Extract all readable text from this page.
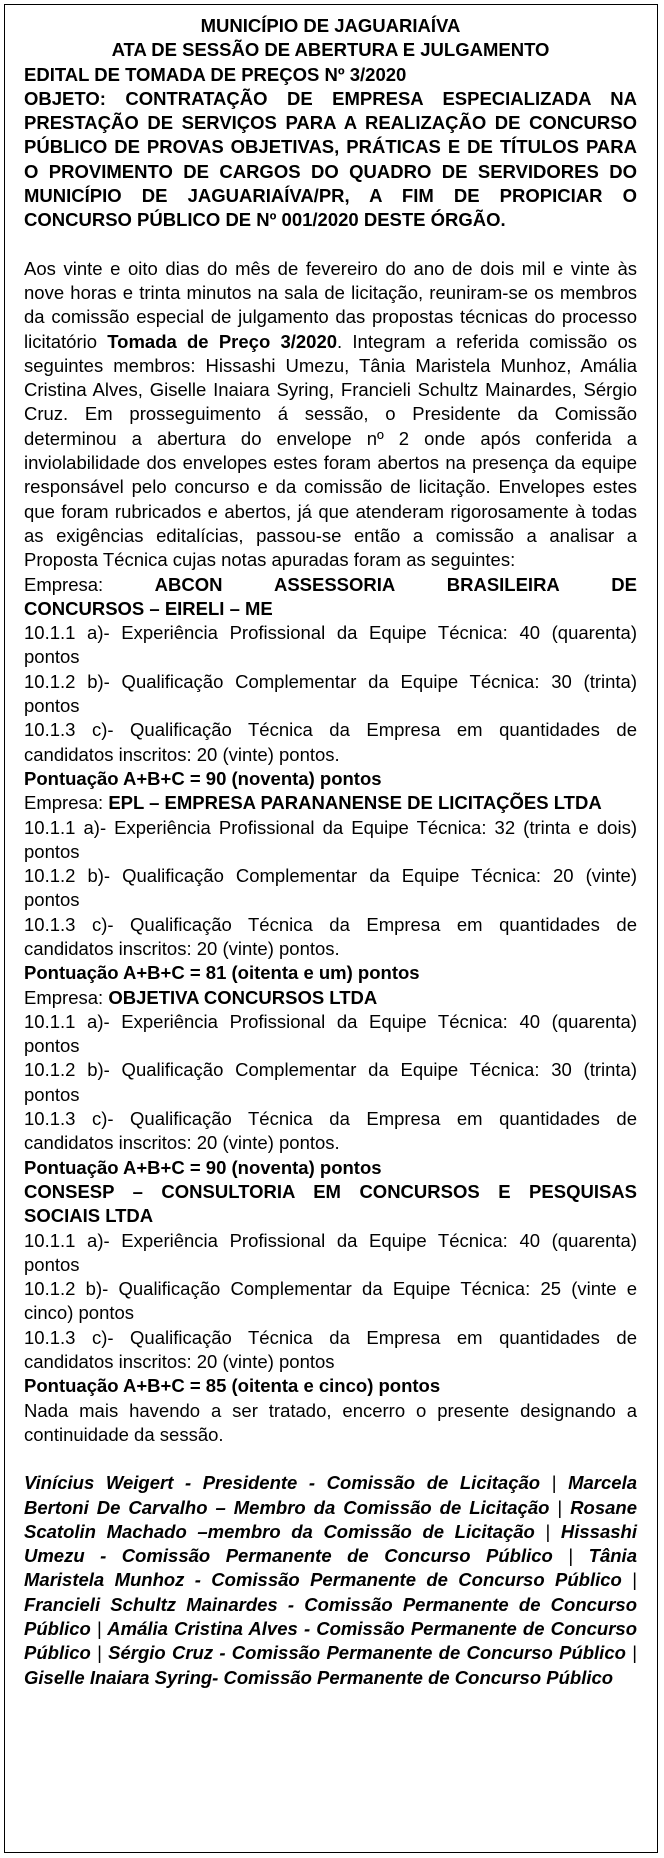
MUNICÍPIO DE JAGUARIAÍVA

ATA DE SESSÃO DE ABERTURA E JULGAMENTO

EDITAL DE TOMADA DE PREÇOS Nº 3/2020

OBJETO: CONTRATAÇÃO DE EMPRESA ESPECIALIZADA NA PRESTAÇÃO DE SERVIÇOS PARA A REALIZAÇÃO DE CONCURSO PÚBLICO DE PROVAS OBJETIVAS, PRÁTICAS E DE TÍTULOS PARA O PROVIMENTO DE CARGOS DO QUADRO DE SERVIDORES DO MUNICÍPIO DE JAGUARIAÍVA/PR, A FIM DE PROPICIAR O CONCURSO PÚBLICO DE Nº 001/2020 DESTE ÓRGÃO.

Aos vinte e oito dias do mês de fevereiro do ano de dois mil e vinte às nove horas e trinta minutos na sala de licitação, reuniram-se os membros da comissão especial de julgamento das propostas técnicas do processo licitatório Tomada de Preço 3/2020. Integram a referida comissão os seguintes membros: Hissashi Umezu, Tânia Maristela Munhoz, Amália Cristina Alves, Giselle Inaiara Syring, Francieli Schultz Mainardes, Sérgio Cruz. Em prosseguimento á sessão, o Presidente da Comissão determinou a abertura do envelope nº 2 onde após conferida a inviolabilidade dos envelopes estes foram abertos na presença da equipe responsável pelo concurso e da comissão de licitação. Envelopes estes que foram rubricados e abertos, já que atenderam rigorosamente à todas as exigências editalícias, passou-se então a comissão a analisar a Proposta Técnica cujas notas apuradas foram as seguintes:

Empresa:	ABCON	ASSESSORIA	BRASILEIRA	DE

CONCURSOS – EIRELI – ME

10.1.1 a)- Experiência Profissional da Equipe Técnica: 40 (quarenta) pontos

10.1.2 b)- Qualificação Complementar da Equipe Técnica: 30 (trinta) pontos

10.1.3 c)- Qualificação Técnica da Empresa em quantidades de candidatos inscritos: 20 (vinte) pontos.

Pontuação A+B+C = 90 (noventa) pontos

Empresa: EPL – EMPRESA PARANANENSE DE LICITAÇÕES LTDA

10.1.1 a)- Experiência Profissional da Equipe Técnica: 32 (trinta e dois) pontos

10.1.2 b)- Qualificação Complementar da Equipe Técnica: 20 (vinte) pontos

10.1.3 c)- Qualificação Técnica da Empresa em quantidades de candidatos inscritos: 20 (vinte) pontos.

Pontuação A+B+C = 81 (oitenta e um) pontos

Empresa: OBJETIVA CONCURSOS LTDA

10.1.1 a)- Experiência Profissional da Equipe Técnica: 40 (quarenta) pontos

10.1.2 b)- Qualificação Complementar da Equipe Técnica: 30 (trinta) pontos

10.1.3 c)- Qualificação Técnica da Empresa em quantidades de candidatos inscritos: 20 (vinte) pontos.

Pontuação A+B+C = 90 (noventa) pontos

CONSESP – CONSULTORIA EM CONCURSOS E PESQUISAS SOCIAIS LTDA

10.1.1 a)- Experiência Profissional da Equipe Técnica: 40 (quarenta) pontos

10.1.2 b)- Qualificação Complementar da Equipe Técnica: 25 (vinte e cinco) pontos

10.1.3 c)- Qualificação Técnica da Empresa em quantidades de candidatos inscritos: 20 (vinte) pontos

Pontuação A+B+C = 85 (oitenta e cinco) pontos

Nada mais havendo a ser tratado, encerro o presente designando a continuidade da sessão.

Vinícius Weigert - Presidente - Comissão de Licitação | Marcela Bertoni De Carvalho – Membro da Comissão de Licitação | Rosane Scatolin Machado –membro da Comissão de Licitação | Hissashi Umezu - Comissão Permanente de Concurso Público | Tânia Maristela Munhoz - Comissão Permanente de Concurso Público | Francieli Schultz Mainardes - Comissão Permanente de Concurso Público | Amália Cristina Alves - Comissão Permanente de Concurso Público | Sérgio Cruz - Comissão Permanente de Concurso Público | Giselle Inaiara Syring- Comissão Permanente de Concurso Público
